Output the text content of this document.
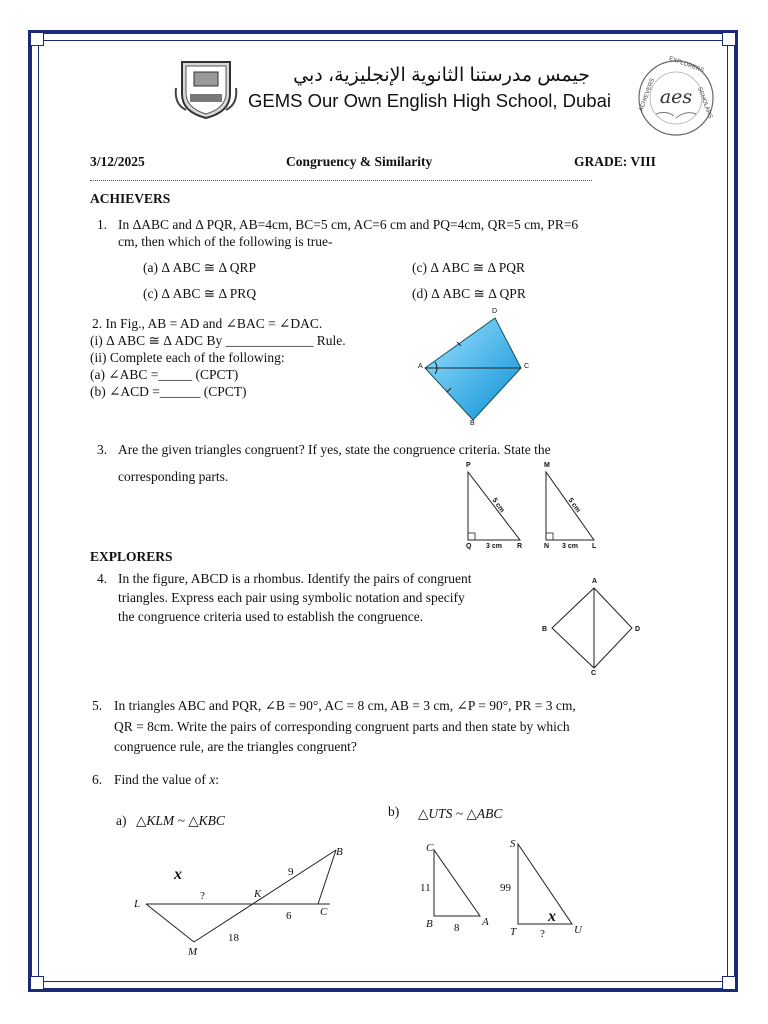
جيمس مدرستنا الثانوية الإنجليزية، دبي
GEMS Our Own English High School, Dubai	aes
EXPLORERS
ACHIEVERS	SCHOLARS
3/12/2025	Congruency & Similarity	GRADE: VIII
ACHIEVERS
1. In ΔABC and Δ PQR, AB=4cm, BC=5 cm, AC=6 cm and PQ=4cm, QR=5 cm, PR=6
cm, then which of the following is true-
(a) Δ ABC ≅ Δ QRP	(c) Δ ABC ≅ Δ PQR
(c) Δ ABC ≅ Δ PRQ	(d) Δ ABC ≅ Δ QPR
2. In Fig., AB = AD and ∠BAC = ∠DAC.
(i) Δ ABC ≅ Δ ADC By _____________ Rule.
(ii) Complete each of the following:
(a) ∠ABC =_____ (CPCT)
(b) ∠ACD =______ (CPCT)
A
D
C
B
3. Are the given triangles congruent? If yes, state the congruence criteria. State the
corresponding parts.
P
Q	R
5 cm
3 cm
M
N	L
5 cm
3 cm
EXPLORERS
4. In the figure, ABCD is a rhombus. Identify the pairs of congruent
triangles. Express each pair using symbolic notation and specify
the congruence criteria used to establish the congruence.
A
B
C
D
5. In triangles ABC and PQR, ∠B = 90°, AC = 8 cm, AB = 3 cm, ∠P = 90°, PR = 3 cm,
QR = 8cm. Write the pairs of corresponding congruent parts and then state by which
congruence rule, are the triangles congruent?
6. Find the value of x:
b) △UTS ~ △ABC
a) △KLM ~ △KBC
L
K
B
C
M
x
?
9
6
18
C
B	A
11
8
S
T	U
99
x
?
